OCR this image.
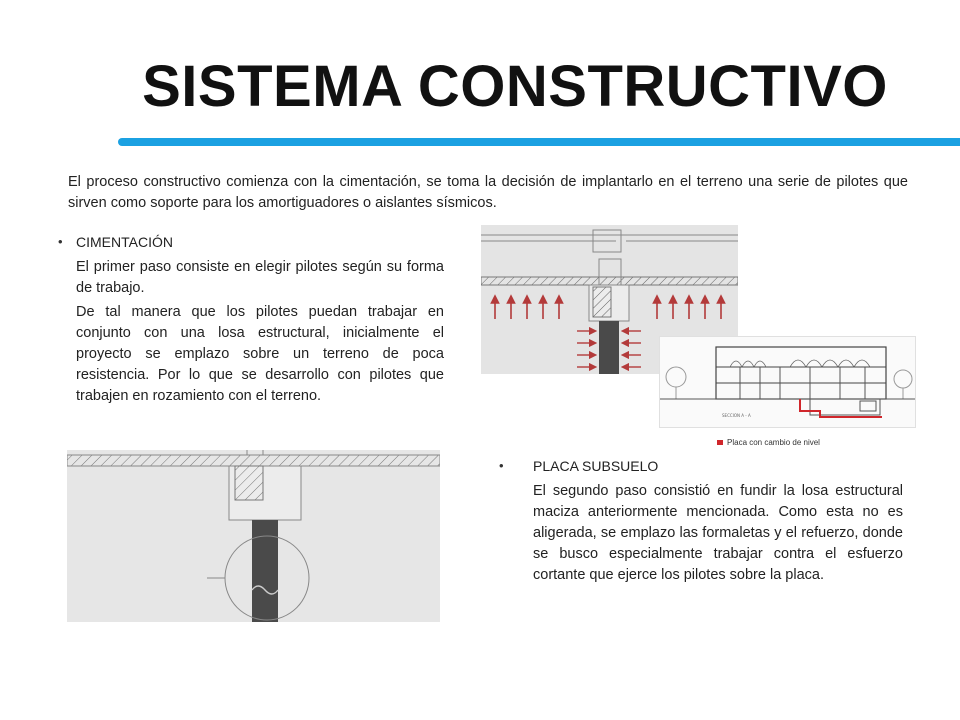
SISTEMA CONSTRUCTIVO
El proceso constructivo comienza con la cimentación, se toma la decisión de implantarlo en el terreno una serie de pilotes que sirven como soporte para los amortiguadores o aislantes sísmicos.
• CIMENTACIÓN
El primer paso consiste en elegir pilotes según su forma de trabajo.
De tal manera que los pilotes puedan trabajar en conjunto con una losa estructural, inicialmente el proyecto se emplazo sobre un terreno de poca resistencia. Por lo que se desarrollo con pilotes que trabajen en rozamiento con el terreno.
SECCION A - A
Placa con cambio de nivel
• PLACA SUBSUELO
El segundo paso consistió en fundir la losa estructural maciza anteriormente mencionada. Como esta no es aligerada, se emplazo las formaletas y el refuerzo, donde se busco especialmente trabajar contra el esfuerzo cortante que ejerce los pilotes sobre la placa.
